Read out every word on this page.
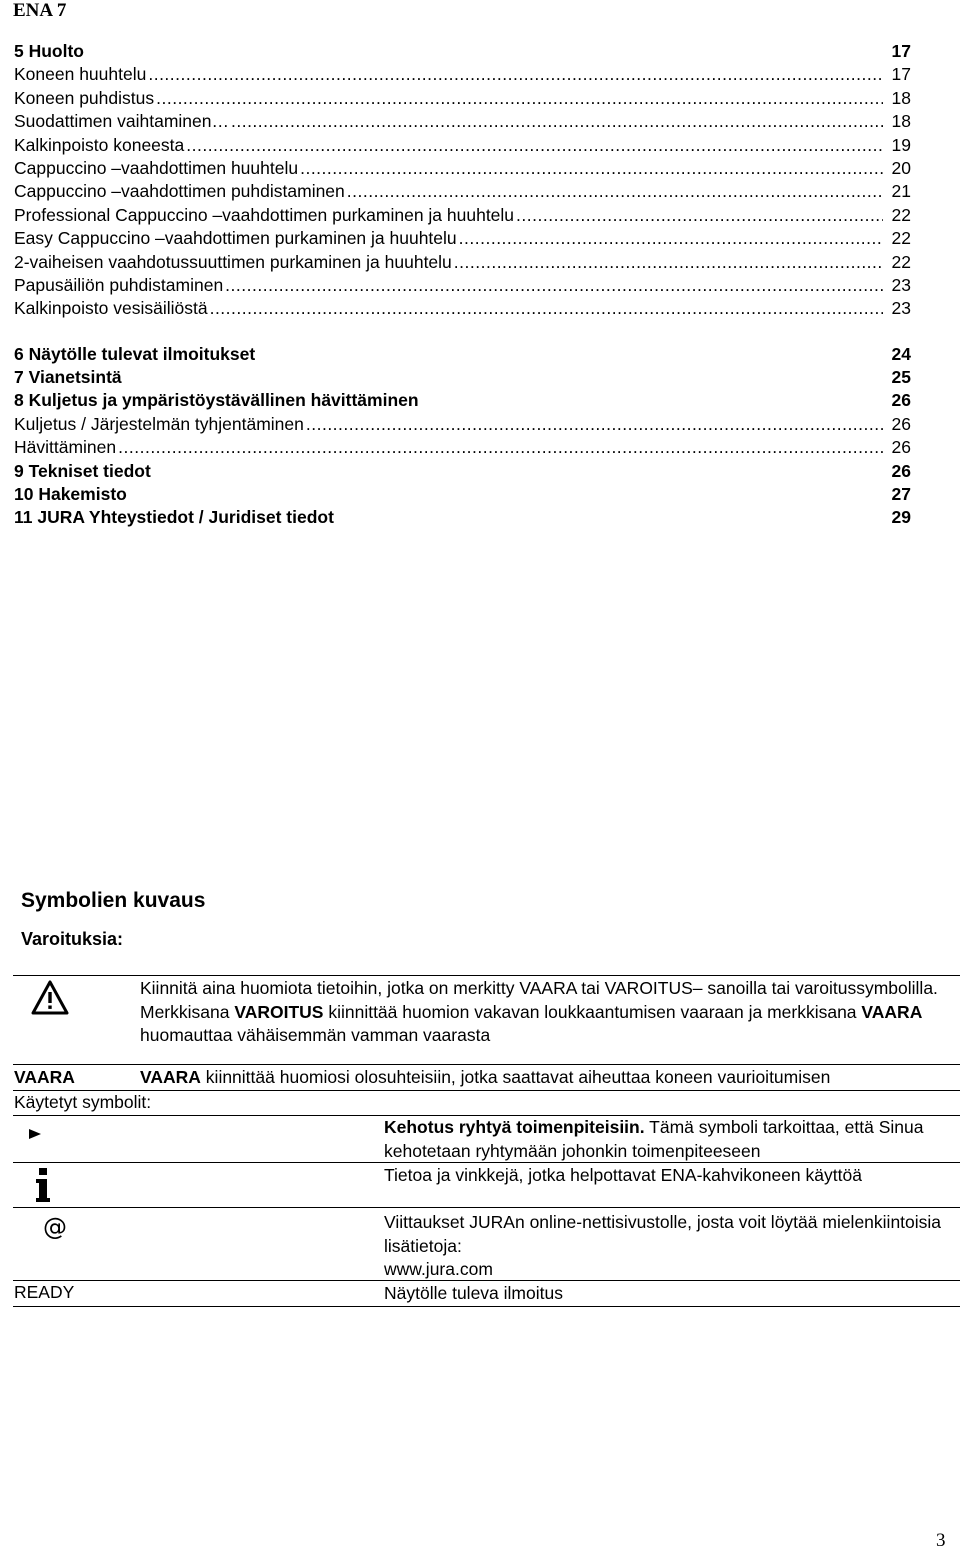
ENA 7
5 Huolto	17
Koneen huuhtelu .....	17
Koneen puhdistus .....	18
Suodattimen vaihtaminen… .....	18
Kalkinpoisto koneesta .....	19
Cappuccino –vaahdottimen huuhtelu .....	20
Cappuccino –vaahdottimen puhdistaminen .....	21
Professional Cappuccino –vaahdottimen purkaminen ja huuhtelu .....	22
Easy Cappuccino –vaahdottimen purkaminen ja huuhtelu .....	22
2-vaiheisen vaahdotussuuttimen purkaminen ja huuhtelu .....	22
Papusäiliön puhdistaminen .....	23
Kalkinpoisto vesisäiliöstä .....	23
6 Näytölle tulevat ilmoitukset	24
7 Vianetsintä	25
8 Kuljetus ja ympäristöystävällinen hävittäminen	26
Kuljetus / Järjestelmän tyhjentäminen .....	26
Hävittäminen .....	26
9 Tekniset tiedot	26
10 Hakemisto	27
11 JURA Yhteystiedot / Juridiset tiedot	29
Symbolien kuvaus
Varoituksia:
Kiinnitä aina huomiota tietoihin, jotka on merkitty VAARA tai VAROITUS– sanoilla tai varoitussymbolilla. Merkkisana VAROITUS kiinnittää huomion vakavan loukkaantumisen vaaraan ja merkkisana VAARA huomauttaa vähäisemmän vamman vaarasta
VAARA	VAARA kiinnittää huomiosi olosuhteisiin, jotka saattavat aiheuttaa koneen vaurioitumisen
Käytetyt symbolit:
Kehotus ryhtyä toimenpiteisiin. Tämä symboli tarkoittaa, että Sinua kehotetaan ryhtymään johonkin toimenpiteeseen
Tietoa ja vinkkejä, jotka helpottavat ENA-kahvikoneen käyttöä
@	Viittaukset JURAn online-nettisivustolle, josta voit löytää mielenkiintoisia lisätietoja:
www.jura.com
READY	Näytölle tuleva ilmoitus
3
